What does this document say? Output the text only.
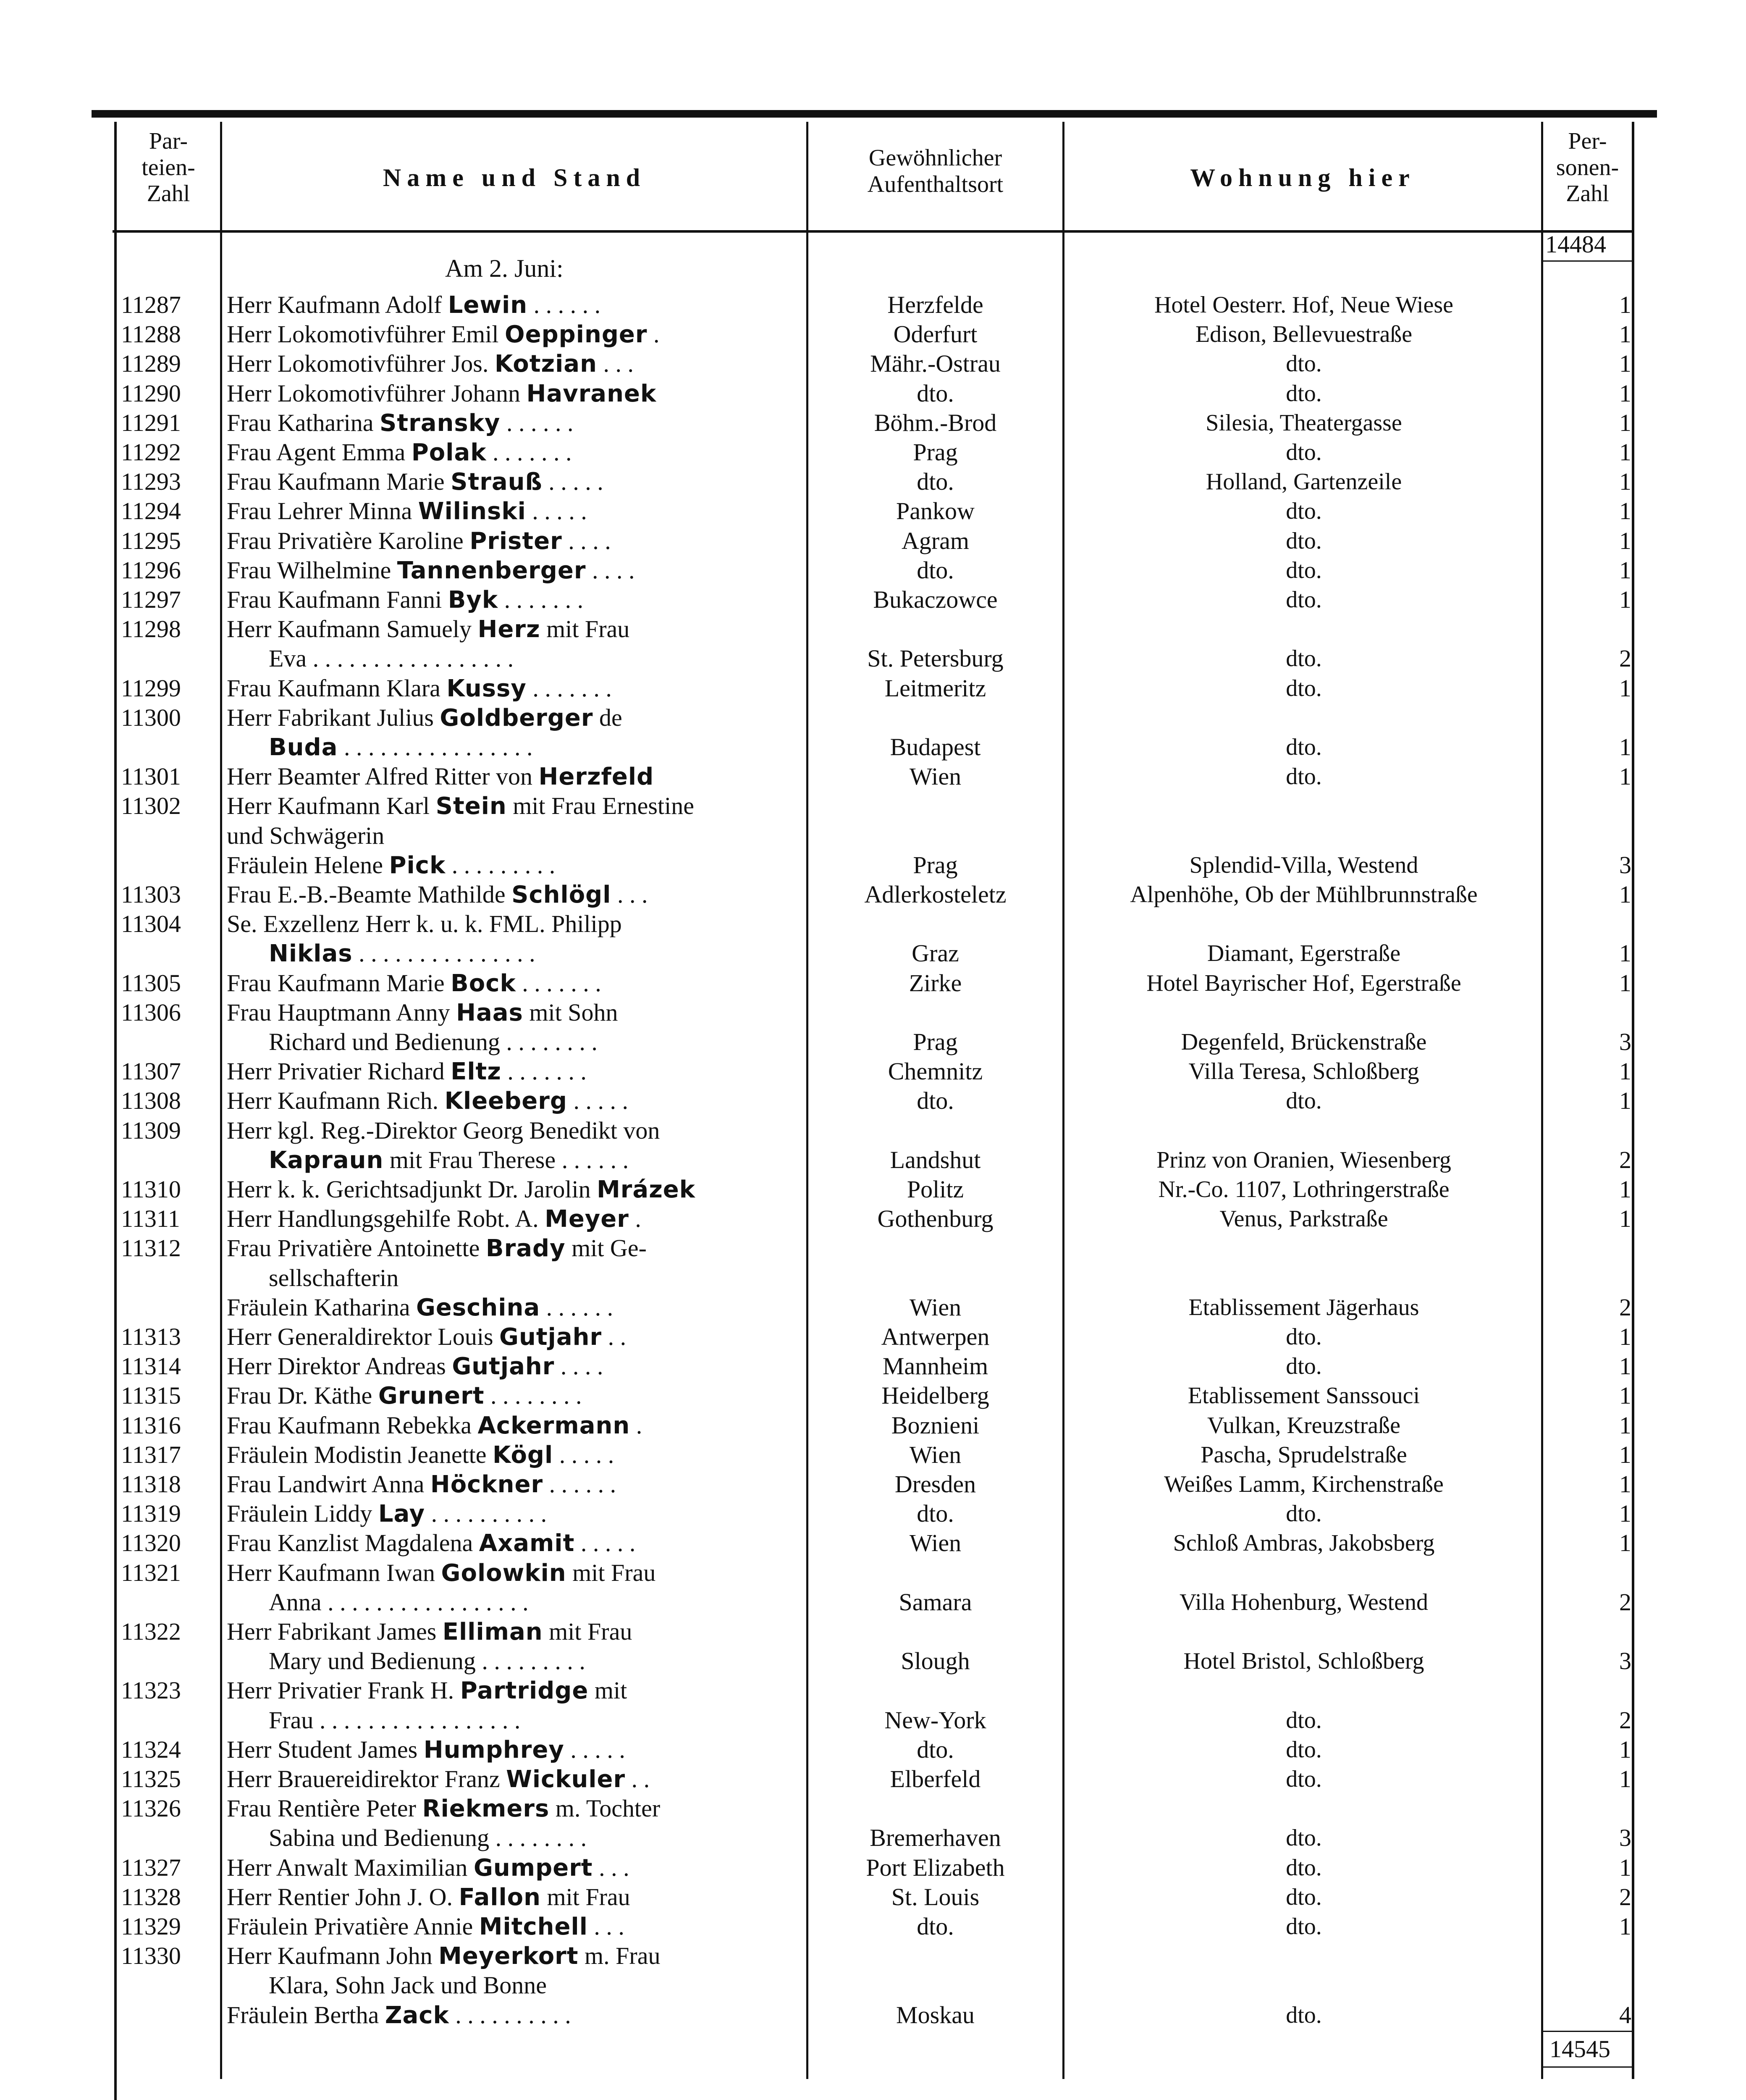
Par-
teien-
Zahl
Name und Stand
Gewöhnlicher
Aufenthaltsort	Wohnung hier
Per-
sonen-
Zahl
Am 2. Juni:
14484
14545
11287	Herr Kaufmann Adolf Lewin . . . . . .	Herzfelde	Hotel Oesterr. Hof, Neue Wiese	1
11288	Herr Lokomotivführer Emil Oeppinger .	Oderfurt	Edison, Bellevuestraße	1
11289	Herr Lokomotivführer Jos. Kotzian . . .	Mähr.-Ostrau	dto.	1
11290	Herr Lokomotivführer Johann Havranek	dto.	dto.	1
11291	Frau Katharina Stransky . . . . . .	Böhm.-Brod	Silesia, Theatergasse	1
11292	Frau Agent Emma Polak . . . . . . .	Prag	dto.	1
11293	Frau Kaufmann Marie Strauß . . . . .	dto.	Holland, Gartenzeile	1
11294	Frau Lehrer Minna Wilinski . . . . .	Pankow	dto.	1
11295	Frau Privatière Karoline Prister . . . .	Agram	dto.	1
11296	Frau Wilhelmine Tannenberger . . . .	dto.	dto.	1
11297	Frau Kaufmann Fanni Byk . . . . . . .	Bukaczowce	dto.	1
11298	Herr Kaufmann Samuely Herz mit Frau
Eva . . . . . . . . . . . . . . . . .	St. Petersburg	dto.	2
11299	Frau Kaufmann Klara Kussy . . . . . . .	Leitmeritz	dto.	1
11300	Herr Fabrikant Julius Goldberger de
Buda . . . . . . . . . . . . . . . .	Budapest	dto.	1
11301	Herr Beamter Alfred Ritter von Herzfeld	Wien	dto.	1
11302	Herr Kaufmann Karl Stein mit Frau Ernestine
und Schwägerin
Fräulein Helene Pick . . . . . . . . .	Prag	Splendid-Villa, Westend	3
11303	Frau E.-B.-Beamte Mathilde Schlögl . . .	Adlerkosteletz	Alpenhöhe, Ob der Mühlbrunnstraße	1
11304	Se. Exzellenz Herr k. u. k. FML. Philipp
Niklas . . . . . . . . . . . . . . .	Graz	Diamant, Egerstraße	1
11305	Frau Kaufmann Marie Bock . . . . . . .	Zirke	Hotel Bayrischer Hof, Egerstraße	1
11306	Frau Hauptmann Anny Haas mit Sohn
Richard und Bedienung . . . . . . . .	Prag	Degenfeld, Brückenstraße	3
11307	Herr Privatier Richard Eltz . . . . . . .	Chemnitz	Villa Teresa, Schloßberg	1
11308	Herr Kaufmann Rich. Kleeberg . . . . .	dto.	dto.	1
11309	Herr kgl. Reg.-Direktor Georg Benedikt von
Kapraun mit Frau Therese . . . . . .	Landshut	Prinz von Oranien, Wiesenberg	2
11310	Herr k. k. Gerichtsadjunkt Dr. Jarolin Mrázek	Politz	Nr.-Co. 1107, Lothringerstraße	1
11311	Herr Handlungsgehilfe Robt. A. Meyer .	Gothenburg	Venus, Parkstraße	1
11312	Frau Privatière Antoinette Brady mit Ge-
sellschafterin
Fräulein Katharina Geschina . . . . . .	Wien	Etablissement Jägerhaus	2
11313	Herr Generaldirektor Louis Gutjahr . .	Antwerpen	dto.	1
11314	Herr Direktor Andreas Gutjahr . . . .	Mannheim	dto.	1
11315	Frau Dr. Käthe Grunert . . . . . . . .	Heidelberg	Etablissement Sanssouci	1
11316	Frau Kaufmann Rebekka Ackermann .	Boznieni	Vulkan, Kreuzstraße	1
11317	Fräulein Modistin Jeanette Kögl . . . . .	Wien	Pascha, Sprudelstraße	1
11318	Frau Landwirt Anna Höckner . . . . . .	Dresden	Weißes Lamm, Kirchenstraße	1
11319	Fräulein Liddy Lay . . . . . . . . . .	dto.	dto.	1
11320	Frau Kanzlist Magdalena Axamit . . . . .	Wien	Schloß Ambras, Jakobsberg	1
11321	Herr Kaufmann Iwan Golowkin mit Frau
Anna . . . . . . . . . . . . . . . . .	Samara	Villa Hohenburg, Westend	2
11322	Herr Fabrikant James Elliman mit Frau
Mary und Bedienung . . . . . . . . .	Slough	Hotel Bristol, Schloßberg	3
11323	Herr Privatier Frank H. Partridge mit
Frau . . . . . . . . . . . . . . . . .	New-York	dto.	2
11324	Herr Student James Humphrey . . . . .	dto.	dto.	1
11325	Herr Brauereidirektor Franz Wickuler . .	Elberfeld	dto.	1
11326	Frau Rentière Peter Riekmers m. Tochter
Sabina und Bedienung . . . . . . . .	Bremerhaven	dto.	3
11327	Herr Anwalt Maximilian Gumpert . . .	Port Elizabeth	dto.	1
11328	Herr Rentier John J. O. Fallon mit Frau	St. Louis	dto.	2
11329	Fräulein Privatière Annie Mitchell . . .	dto.	dto.	1
11330	Herr Kaufmann John Meyerkort m. Frau
Klara, Sohn Jack und Bonne
Fräulein Bertha Zack . . . . . . . . . .	Moskau	dto.	4
